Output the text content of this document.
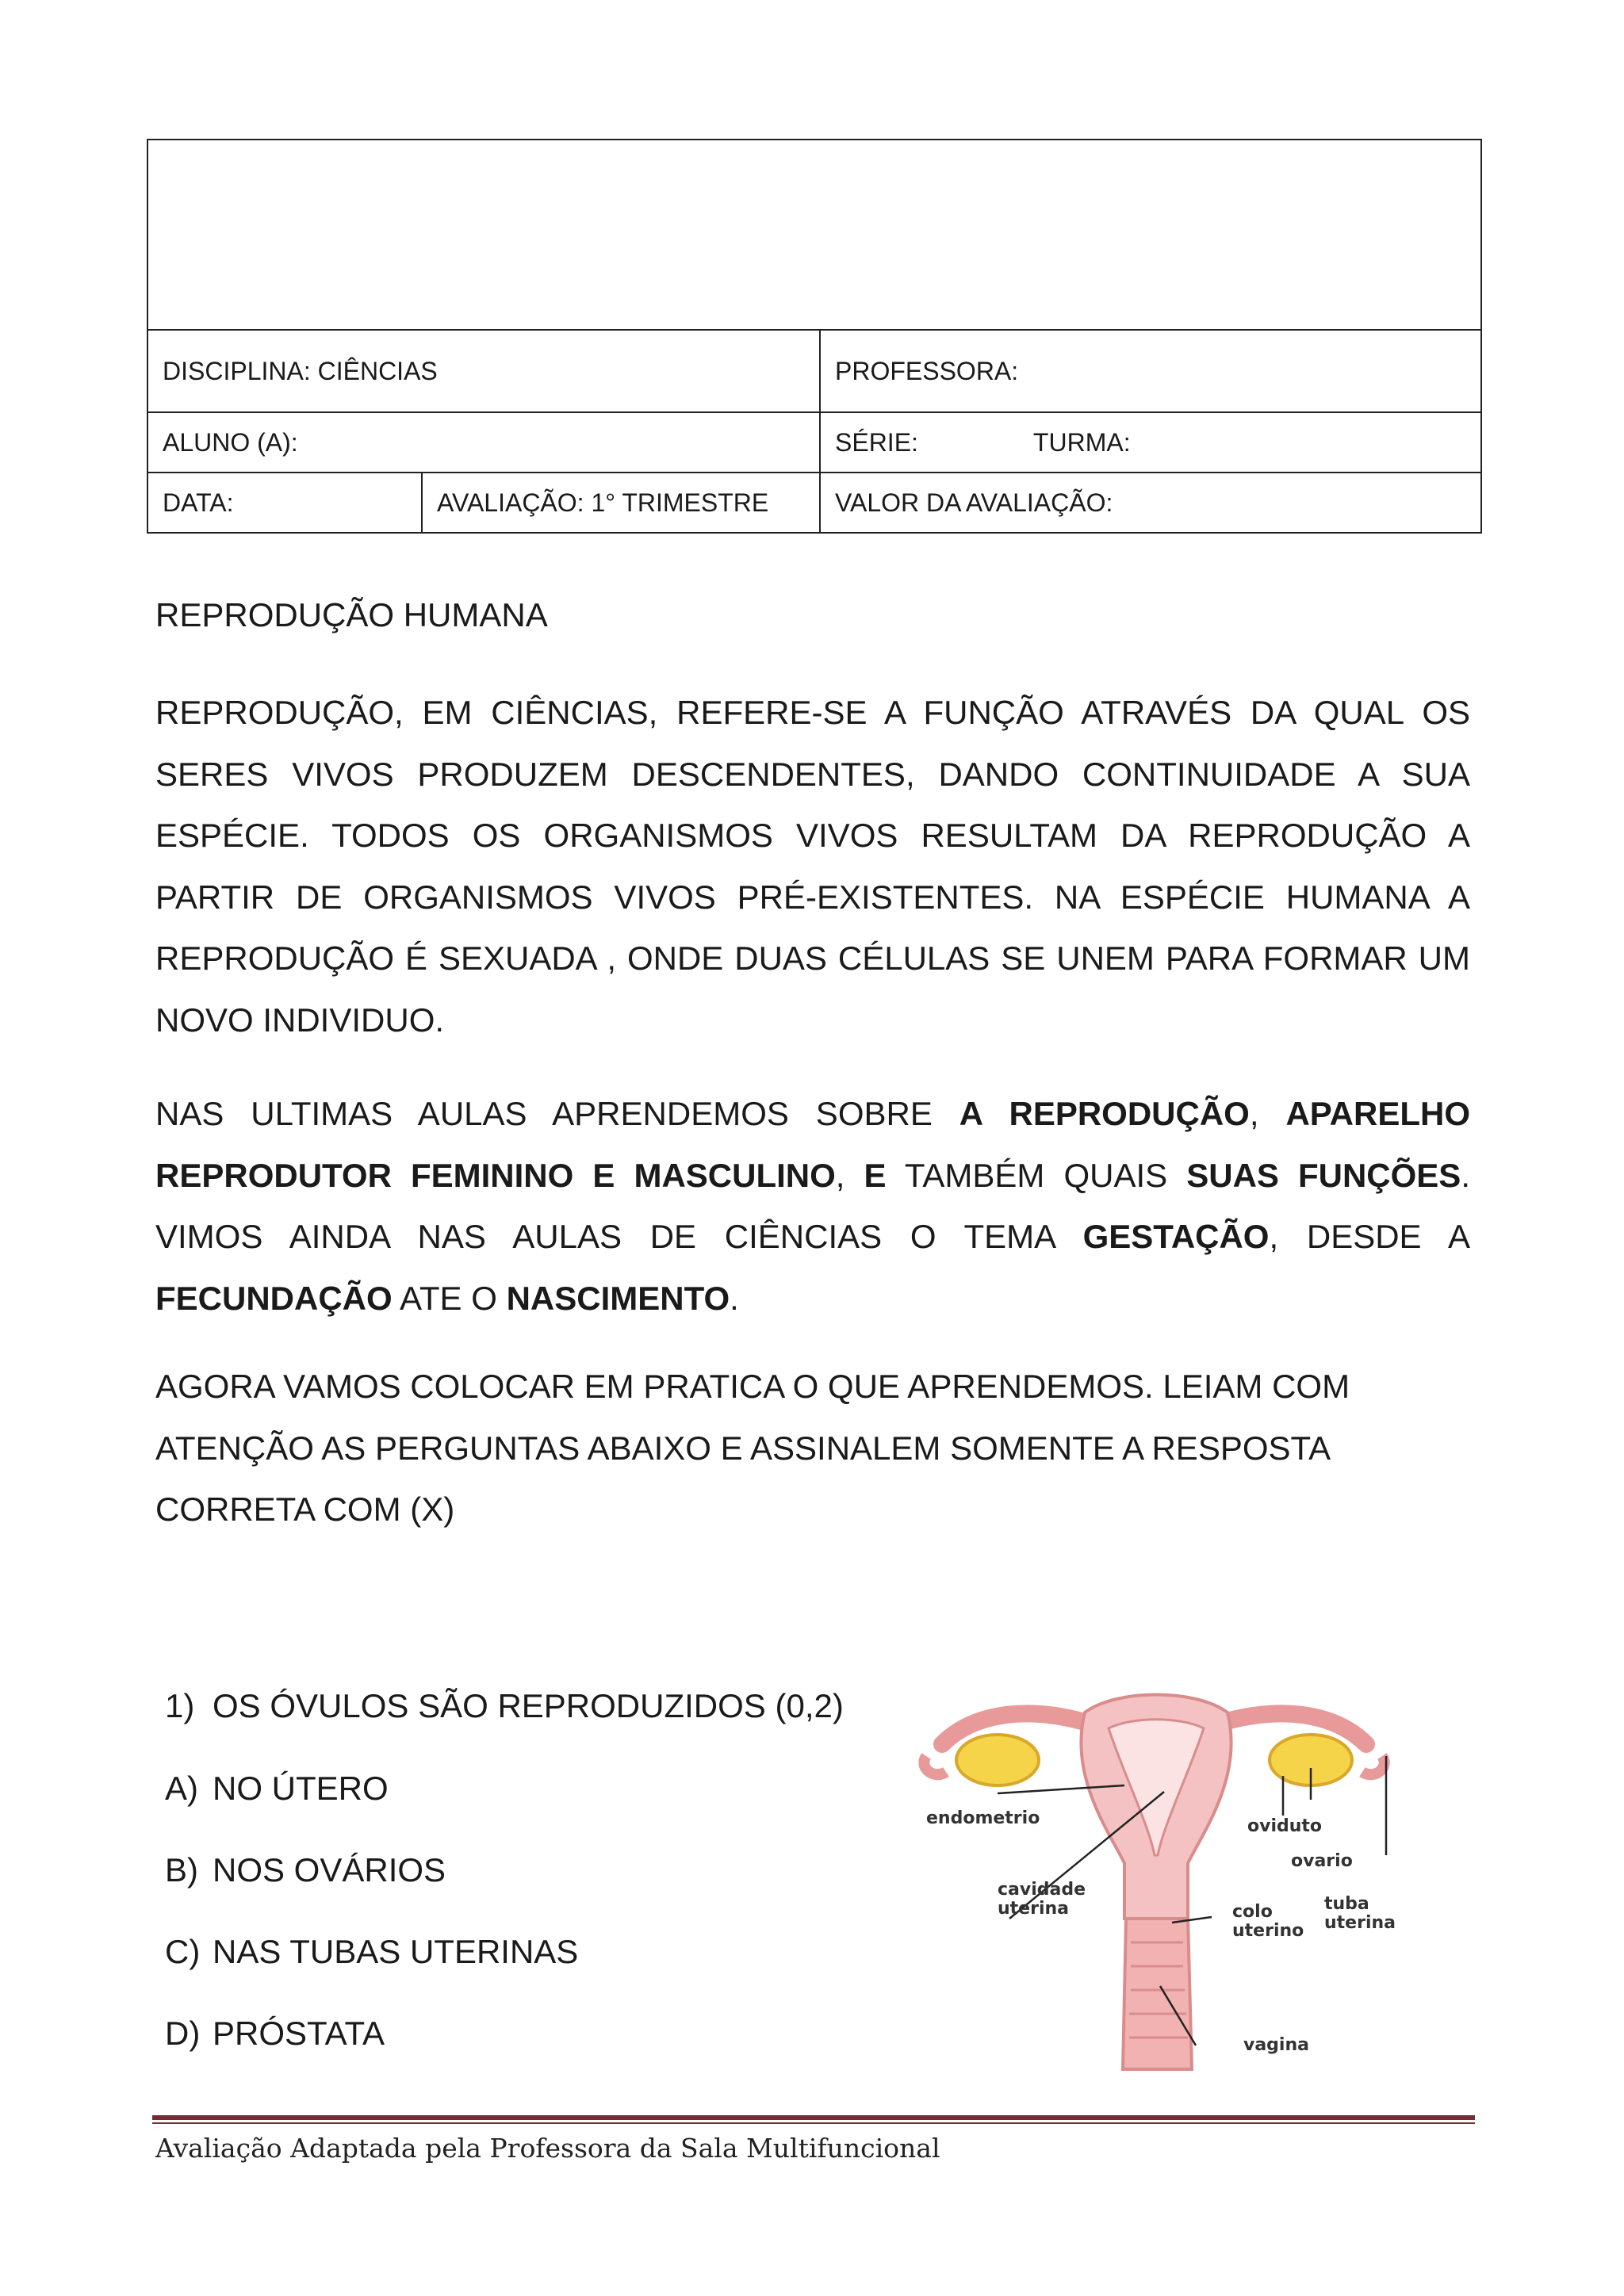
DISCIPLINA: CIÊNCIAS	PROFESSORA:
ALUNO (A):	SÉRIE:	TURMA:
DATA:	AVALIAÇÃO: 1° TRIMESTRE	VALOR DA AVALIAÇÃO:
REPRODUÇÃO HUMANA
REPRODUÇÃO, EM CIÊNCIAS, REFERE-SE A FUNÇÃO ATRAVÉS DA QUAL OS SERES VIVOS PRODUZEM DESCENDENTES, DANDO CONTINUIDADE A SUA ESPÉCIE. TODOS OS ORGANISMOS VIVOS RESULTAM DA REPRODUÇÃO A PARTIR DE ORGANISMOS VIVOS PRÉ-EXISTENTES. NA ESPÉCIE HUMANA A REPRODUÇÃO É SEXUADA , ONDE DUAS CÉLULAS SE UNEM PARA FORMAR UM NOVO INDIVIDUO.
NAS ULTIMAS AULAS APRENDEMOS SOBRE A REPRODUÇÃO, APARELHO REPRODUTOR FEMININO E MASCULINO, E TAMBÉM QUAIS SUAS FUNÇÕES. VIMOS AINDA NAS AULAS DE CIÊNCIAS O TEMA GESTAÇÃO, DESDE A FECUNDAÇÃO ATE O NASCIMENTO.
AGORA VAMOS COLOCAR EM PRATICA O QUE APRENDEMOS. LEIAM COM ATENÇÃO AS PERGUNTAS ABAIXO E ASSINALEM SOMENTE A RESPOSTA CORRETA COM (X)
1) OS ÓVULOS SÃO REPRODUZIDOS (0,2)
A) NO ÚTERO
B) NOS OVÁRIOS
C) NAS TUBAS UTERINAS
D) PRÓSTATA
endometrio	oviduto
ovario
cavidade
uterina	colo
uterino
tuba
uterina
vagina
Avaliação Adaptada pela Professora da Sala Multifuncional
